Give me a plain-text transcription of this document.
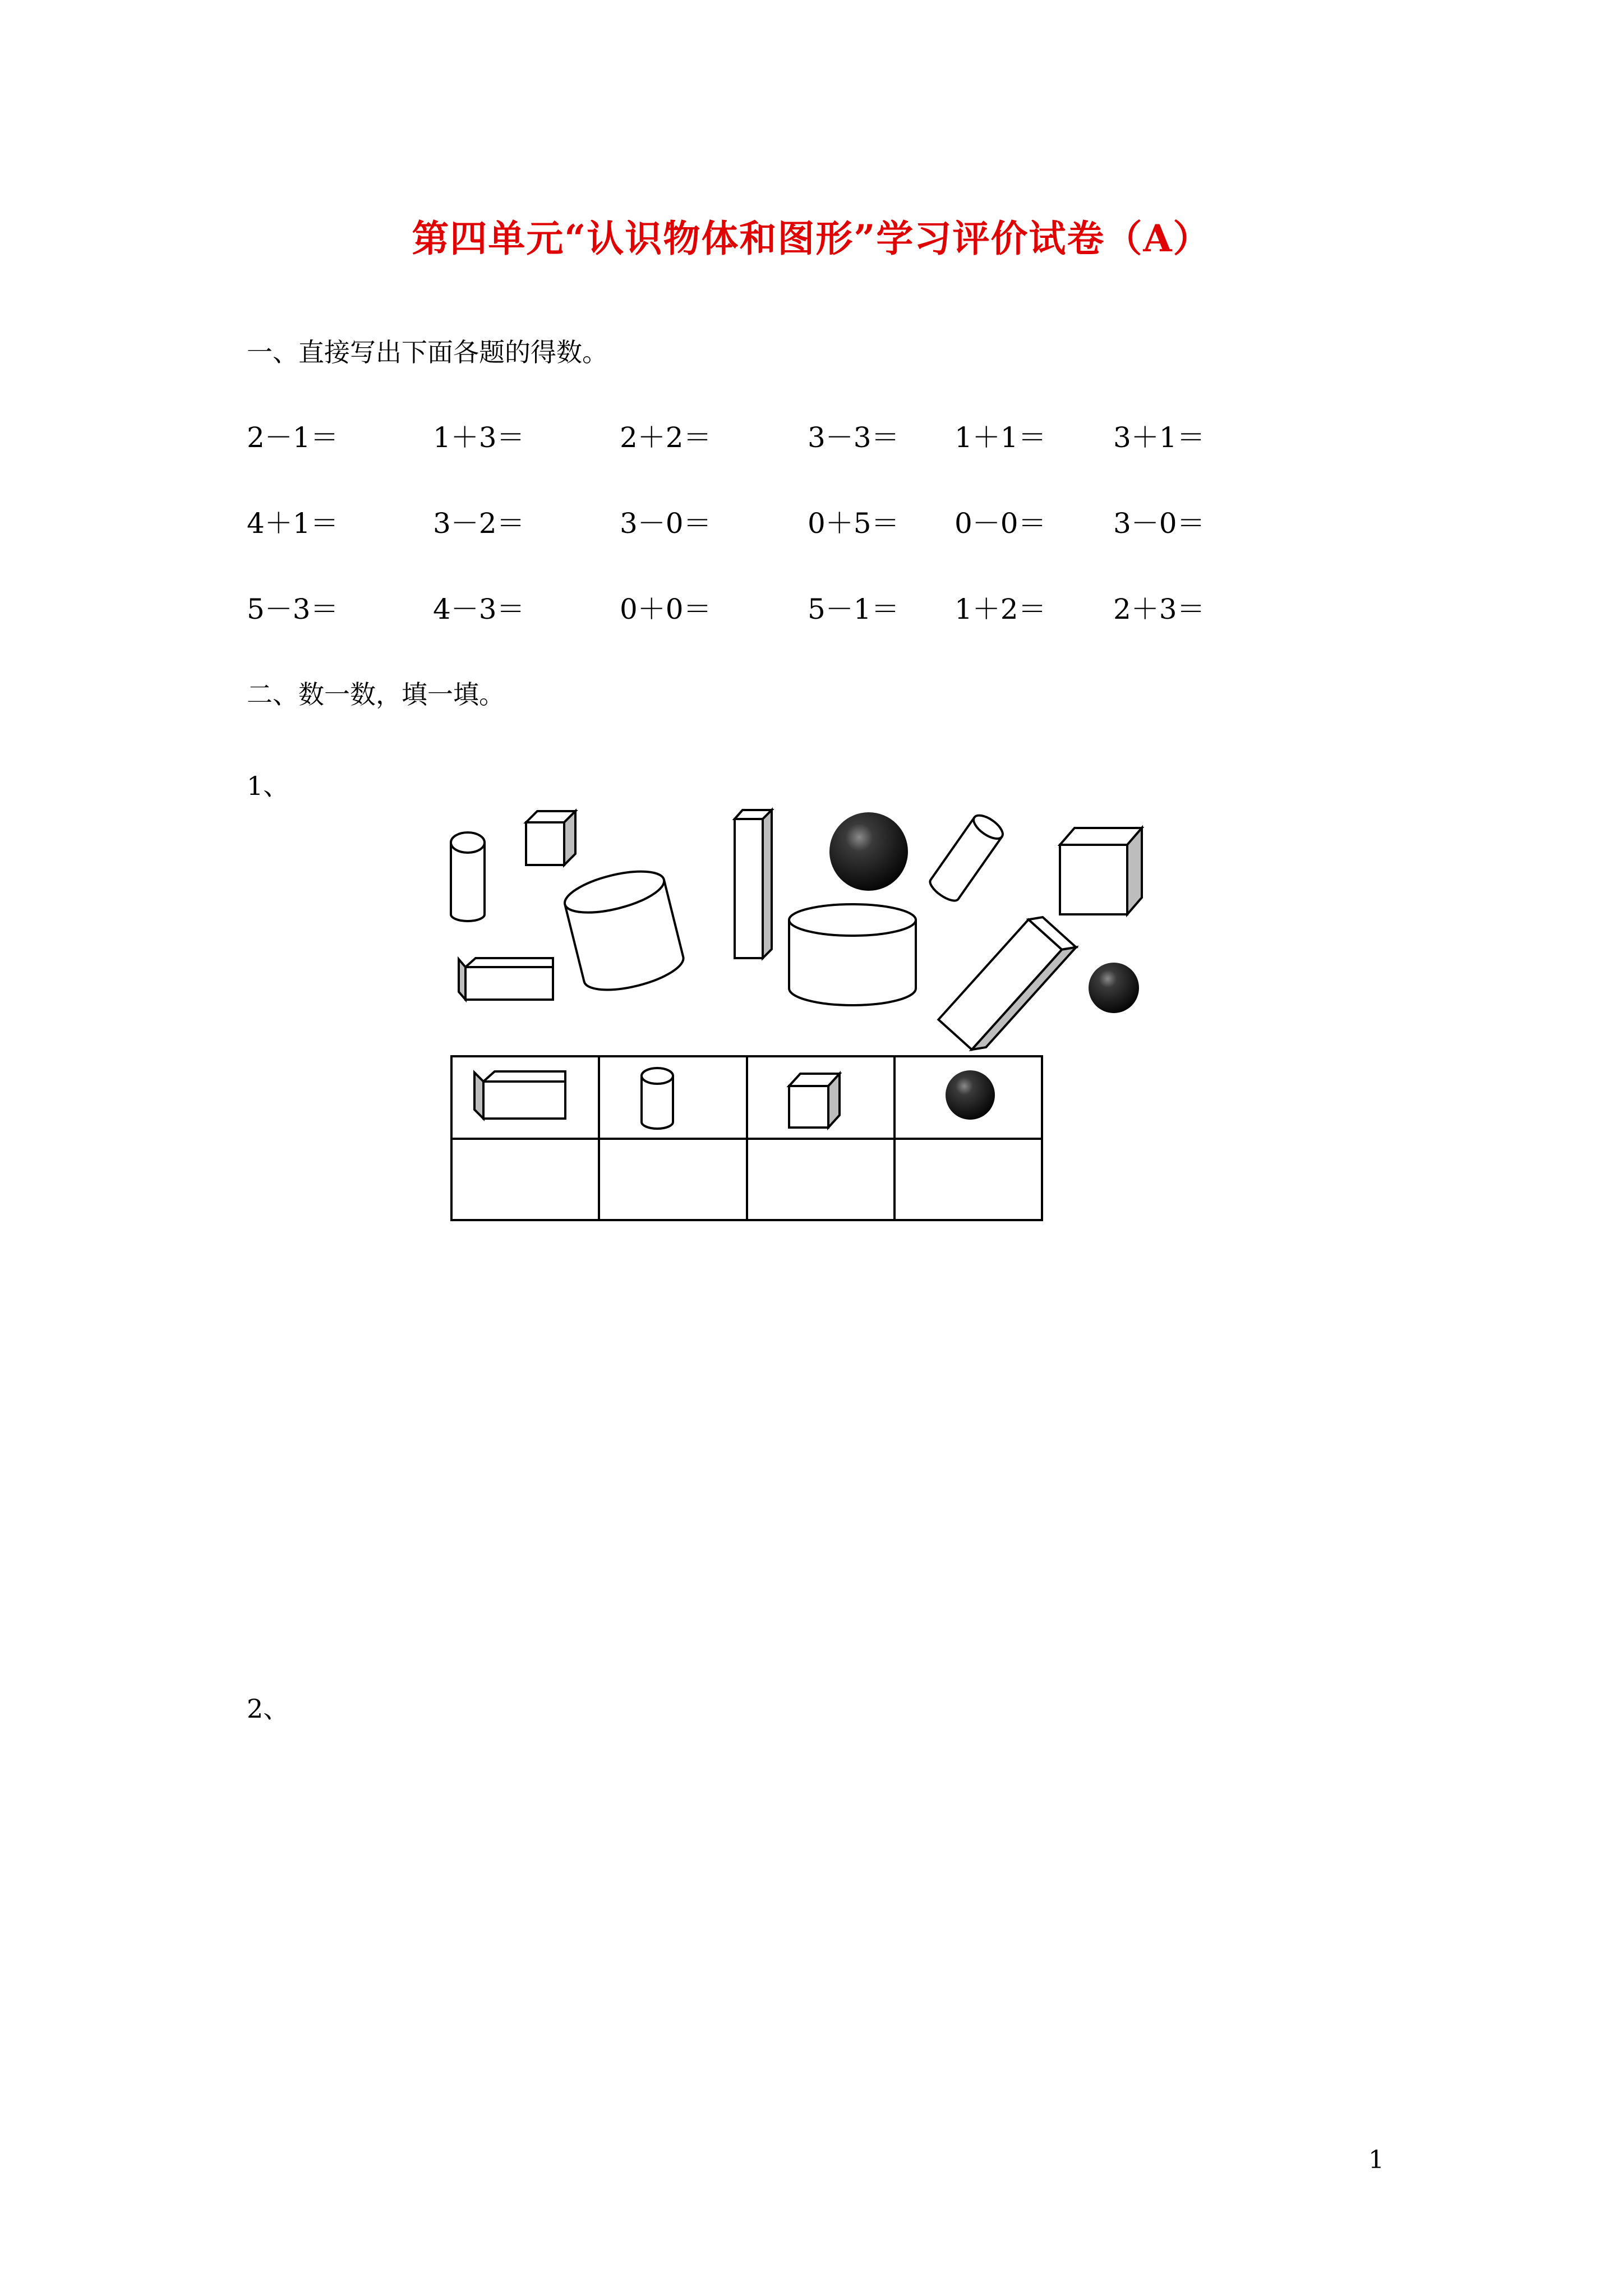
第四单元“认识物体和图形”学习评价试卷（A）
一、直接写出下面各题的得数。
2－1＝	1＋3＝	2＋2＝	3－3＝ 1＋1＝ 3＋1＝
4＋1＝	3－2＝	3－0＝	0＋5＝ 0－0＝ 3－0＝
5－3＝	4－3＝	0＋0＝	5－1＝ 1＋2＝ 2＋3＝
二、数一数，填一填。
1、
2、
1
